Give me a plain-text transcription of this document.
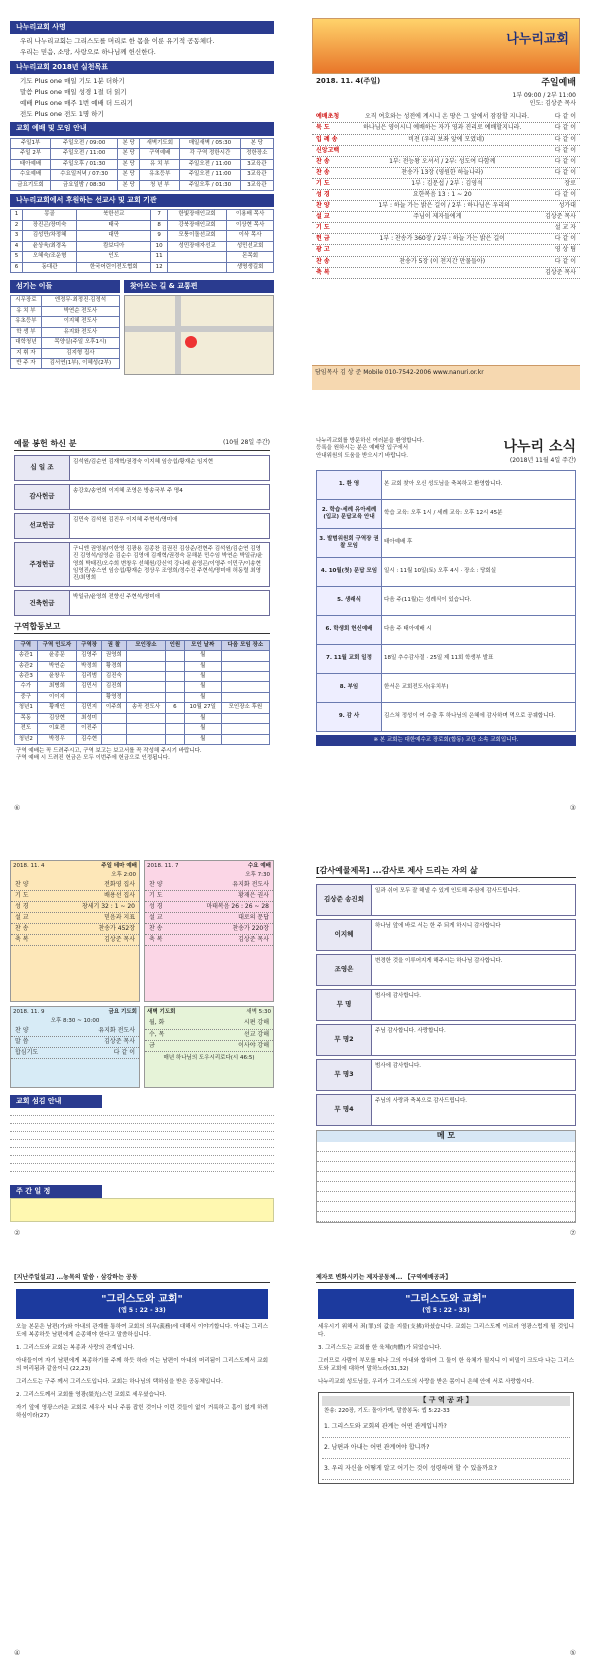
나누리교회 사명
우리 나누리교회는 그리스도를 머리로 한 몸을 이룬 유기적 공동체다.
우리는 믿음, 소망, 사랑으로 하나님께 헌신한다.
나누리교회 2018년 실천목표
기도 Plus one 매일 기도 1분 더하기
말씀 Plus one 매일 성경 1절 더 읽기
예배 Plus one 매주 1번 예배 더 드리기
전도 Plus one 전도 1명 하기
교회 예배 및 모임 안내
주일1부	주일오전 / 09:00	본 당	새벽기도회	매일새벽 / 05:30	본 당
주일 2부	주일오전 / 11:00	본 당	구역예배	각 구역 정한시간	정한장소
태아예배	주일오후 / 01:30	본 당	유 치 부	주일오전 / 11:00	3교육관
수요예배	수요일저녁 / 07:30	본 당	유초등부	주일오전 / 11:00	3교육관
금요기도회	금요일밤 / 08:30	본 당	청 년 부	주일오후 / 01:30	3교육관
나누리교회에서 후원하는 선교사 및 교회 기관
1	몽골	북한선교	7	한빛장애인교회	이용배 목사
2	장진곤/장미숙	태국	8	강북장애인교회	이상현 목사
3	김성만/차정혜	대만	9	모퉁이돌선교회	이삭 목사
4	윤상욱/최경옥	캄보디아	10	성민장애자선교	성민선교회
5	오혜숙/조운형	인도	11		몬목회
6	동대관	한국어린이전도협회	12		생명생길회
섬기는 이들
시무장로	엔정무·최정진·김정석
유 치 부	박연순 전도사
유초등부	이지혜 전도사
학 생 부	유지화 전도사
대학청년	목양실(주일 오후1시)
지 휘 자	김지형 집사
반 주 자	김서연(1부), 이혜성(2부)
찾아오는 길 & 교통편
나누리교회
2018. 11. 4(주일)	주일예배
1부 09:00 / 2부 11:00
인도: 김상준 목사
예배초청	오직 여호와는 성전에 계시니 온 땅은 그 앞에서 잠잠할 지니라.	다 같 이
묵 도	하나님은 영이시니 예배하는 자가 영과 진리로 예배할지니라.	다 같 이
입 례 송	비전 (우리 보좌 앞에 모였네)	다 같 이
신앙고백	다 같 이
찬 송	1부: 전능왕 오셔서 / 2부: 성도여 다함께	다 같 이
찬 송	찬송가 13장 (영원한 하늘나라)	다 같 이
기 도	1부 : 김문섭 / 2부 : 김영석	장로
성 경	요한복음 13 : 1 ~ 20	다 같 이
찬 양	1부 : 하늘 가는 밝은 길이 / 2부 : 하나님은 우리의	성가대
설 교	주님이 제자들에게	김상준 목사
기 도	설 교 자
헌 금	1부 : 찬송가 360장 / 2부 : 하늘 가는 밝은 길이	다 같 이
광 고	영 상 팀
찬 송	찬송가 5장 (이 천지간 만물들아)	다 같 이
축 복	김상준 목사
담임목사 김 상 준 Mobile 010-7542-2006 www.nanuri.or.kr
예물 봉헌 하신 분	(10월 28일 주간)
십 일 조
김석원/김순연 김재혁/권경숙 이지혜 임승섭/황재순 임지현
감사헌금
송강호/송연희 이지혜 조영은 방송국부 주 명4
선교헌금
김민숙 김석원 김진우 이지혜 주현석/명미애
주정헌금
구니엔 권영봉/이한영 김광용 김종찬 김권진 김상준/전현주 김석원/김순연 김영진 김영석/임영순 김순수 김영애 김재혁/권경숙 문해분 민수임 박연순 박일규/윤영희 박태진/오수희 변창우 선혜원/강신억 강나래 윤영곤/이영주 이민구/이송현 임영진/송스연 임승섭/황재순 정상우 조영희/정수진 주현석/명미애 허동렬 최영진/최명희
건축헌금
박일규/윤영희 전향신 주현석/명미애
구역합동보고
구역	구역 인도자	구역장	권 찰	모인장소	인원	모인 날짜	다음 모임 장소
송관1	윤종문	김영주	권영희			월	
송관2	박연순	박정희	황경희			월	
송관3	윤창우	김리범	김진숙			월	
수가	최병희	김민서	김진희			월	
중구	이이지		황영정			월	
청년1	황재인	김민지	이주희	송곡 전도사	6	10월 27일	모인장소 후원
목동	김상현	최성미				월	
전도	이효전	이진주				월	
청년2	박정우	김수현				월	
구역 예배는 꼭 드려주시고, 구역 보고는 보고서를 꼭 작성해 주시기 바랍니다.
구역 예배 시 드려진 헌금은 모두 이번주에 헌금으로 인정됩니다.
⑥
나누리교회를 방문하신 여러분을 환영합니다.
등록을 원하시는 분은 예배당 입구에서
안내위원의 도움을 받으시기 바랍니다.
나누리 소식
(2018년 11월 4일 주간)
1. 환 영	본 교회 찾아 오신 성도님을 축복하고 환영합니다.
2. 학습·세례 유아세례(입교) 문답교육 안내	학습 교육: 오후 1시 / 세례 교육: 오후 12시 45분
3. 발범위원회 구역장 권찰 모임	태아예배 후
4. 10월(첫) 문답 모임	일시 : 11월 10일(토) 오후 4시 · 장소 : 당회실
5. 생래식	다음 주(11월)는 성례식이 있습니다.
6. 학생회 헌신예배	다음 주 태아예배 시
7. 11월 교회 일정	18일 추수감사절 · 25일 제 11회 학생부 발표
8. 부임	한서은 교회전도사(유치부)
9. 감 사	김스쳐 정성이 여 수출 후 하나님의 은혜에 감사하며 먹으로 공궤합니다.
※ 본 교회는 대한예수교 장로회(합동) 교단 소속 교회입니다.
③
2018. 11. 4	주일 테마 예배
오후 2:00
찬 양	전화영 집사
기 도	배용선 집사
성 경	창세기 32 : 1 ~ 20
설 교	믿음과 지표
찬 송	찬송가 452장
축 복	김상준 목사
2018. 11. 7	수요 예배
오후 7:30
찬 양	유지화 전도사
기 도	황재은 권사
성 경	마태복음 26 : 26 ~ 28
설 교	대로의 문답
찬 송	찬송가 220장
축 복	김상준 목사
2018. 11. 9	금요 기도회
오후 8:30 ~ 10:00
찬 양	유지화 전도사
말 씀	김상준 목사
합심기도	다 같 이
새벽 기도회	새벽 5:30
월, 화	시편 강해
수, 목	선교 강해
금	이사야 강해
매년 하나님의 도우시리로다(시 46:5)
교회 섬김 안내
주 간 일 정
②
[감사예물제목] ...감사로 제사 드리는 자의 삶
김상준 송진희
일과 쉬어 모두 잘 해낼 수 있게 인도해 주심에 감사드립니다.
이지혜
하나님 앞에 바로 서는 한 주 되게 하시니 감사합니다
조영은
변경한 것을 이루어지게 해주시는 하나님 감사합니다.
무 명
범사에 감사합니다.
무 명2
주님 감사합니다. 사랑합니다.
무 명3
범사에 감사합니다.
무 명4
주님의 사랑과 축복으로 감사드립니다.
메 모
⑦
[지난주일설교] ...농목의 말씀 · 삼강하는 공동
"그리스도와 교회"
(엡 5 : 22 - 33)

오늘 본문은 남편(가)와 아내의 관계를 통하여 교회의 의무(義務)에 대해서 이야기합니다. 아내는 그리스도에 복종하듯 남편에게 순종해야 한다고 말씀하십니다.

1. 그리스도와 교회는 복종과 사랑의 관계입니다.

아내들이여 자기 남편에게 복종하기를 주께 하듯 하라 이는 남편이 아내의 머리됨이 그리스도께서 교회의 머리됨과 같음이니 (22,23)

그리스도는 구주 께서 그리스도입니다. 교회는 하나님의 택하심을 받은 공동체입니다.

2. 그리스도께서 교회를 영광(榮光)스런 교회로 세우셨습니다.

자기 앞에 영광스러운 교회로 세우사 티나 주름 잡힌 것이나 이런 것들이 없이 거룩하고 흠이 없게 하려 하심이라(27)

④
제자로 변화시키는 제자공동체... 【구역예배공과】
"그리스도와 교회"
(엡 5 : 22 - 33)

세우시기 위해서 죄(罪)의 값을 지불(支拂)하셨습니다. 교회는 그리스도께 이르러 영광스럽게 될 것입니다.

3. 그리스도는 교회를 한 육체(肉體)가 되었습니다.

그러므로 사람이 부모를 떠나 그의 아내와 합하여 그 둘이 한 육체가 될지니 이 비밀이 크도다 나는 그리스도와 교회에 대하여 말하노라(31,32)

나누리교회 성도님들, 우리가 그리스도의 사랑을 받은 몸이니 은혜 안에 서로 사랑합시다.

【 구 역 공 과 】
찬송: 220장, 기도: 돌아가며, 말씀봉독: 엡 5:22-33
1. 그리스도와 교회의 관계는 어떤 관계입니까?
2. 남편과 아내는 어떤 관계여야 합니까?
3. 우리 자신을 어떻게 알고 어기는 것이 성령하며 할 수 있을까요?
⑤
